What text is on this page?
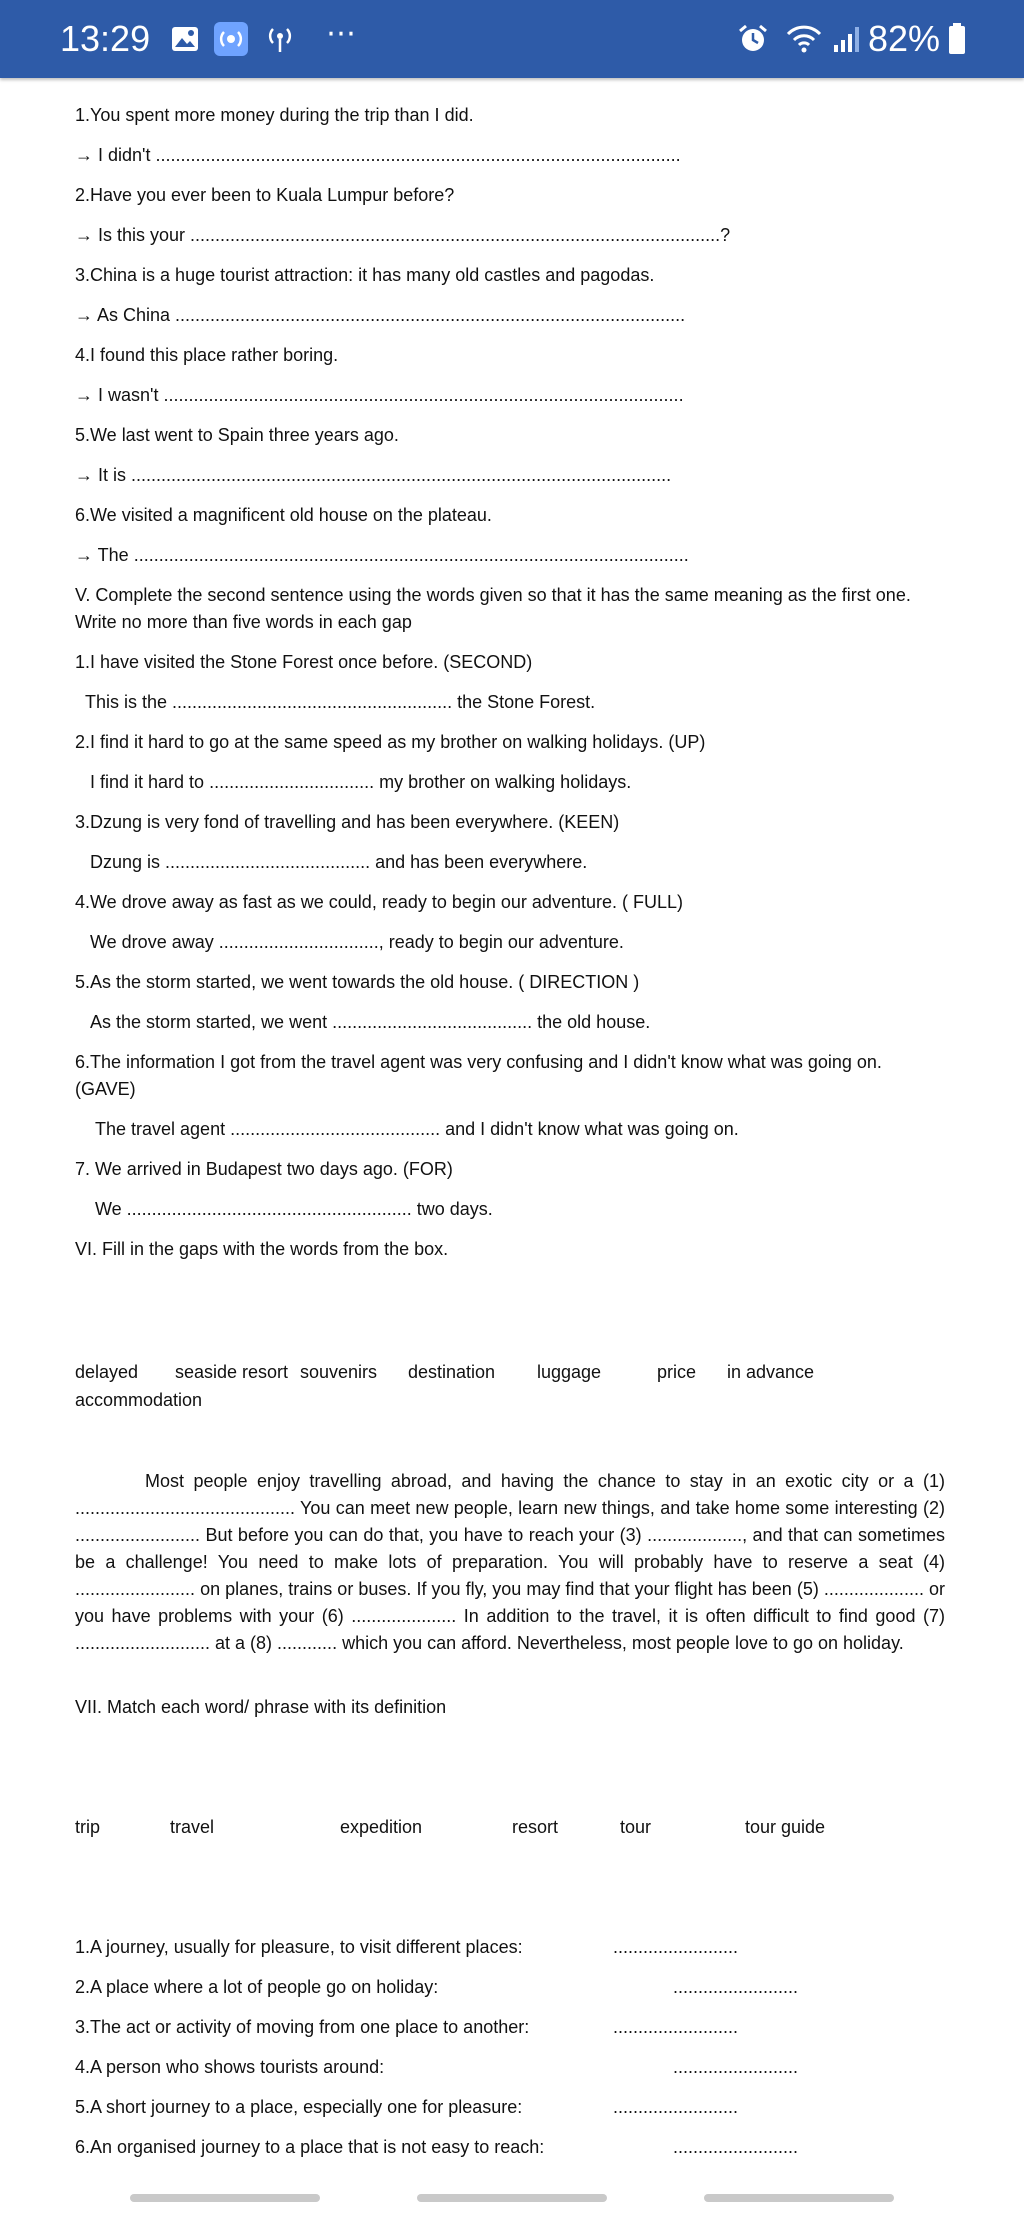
13:29	⋯	82%
1.You spent more money during the trip than I did.
→ I didn't .........................................................................................................
2.Have you ever been to Kuala Lumpur before?
→ Is this your ..........................................................................................................?
3.China is a huge tourist attraction: it has many old castles and pagodas.
→ As China ......................................................................................................
4.I found this place rather boring.
→ I wasn't ........................................................................................................
5.We last went to Spain three years ago.
→ It is ............................................................................................................
6.We visited a magnificent old house on the plateau.
→ The ...............................................................................................................
V. Complete the second sentence using the words given so that it has the same meaning as the first one.
Write no more than five words in each gap
1.I have visited the Stone Forest once before. (SECOND)
This is the ........................................................ the Stone Forest.
2.I find it hard to go at the same speed as my brother on walking holidays. (UP)
I find it hard to ................................. my brother on walking holidays.
3.Dzung is very fond of travelling and has been everywhere. (KEEN)
Dzung is ......................................... and has been everywhere.
4.We drove away as fast as we could, ready to begin our adventure. ( FULL)
We drove away ................................, ready to begin our adventure.
5.As the storm started, we went towards the old house. ( DIRECTION )
As the storm started, we went ........................................ the old house.
6.The information I got from the travel agent was very confusing and I didn't know what was going on.
(GAVE)
The travel agent .......................................... and I didn't know what was going on.
7. We arrived in Budapest two days ago. (FOR)
We ......................................................... two days.
VI. Fill in the gaps with the words from the box.
delayed seaside resort souvenirs destination luggage	price in advance
accommodation

Most people enjoy travelling abroad, and having the chance to stay in an exotic city or a (1) ............................................ You can meet new people, learn new things, and take home some interesting (2) ......................... But before you can do that, you have to reach your (3) ..................., and that can sometimes be a challenge! You need to make lots of preparation. You will probably have to reserve a seat (4) ........................ on planes, trains or buses. If you fly, you may find that your flight has been (5) .................... or you have problems with your (6) ..................... In addition to the travel, it is often difficult to find good (7) ........................... at a (8) ............ which you can afford. Nevertheless, most people love to go on holiday.

VII. Match each word/ phrase with its definition
trip	travel	expedition	resort	tour	tour guide
1.A journey, usually for pleasure, to visit different places:	.........................
2.A place where a lot of people go on holiday:	.........................
3.The act or activity of moving from one place to another:	.........................
4.A person who shows tourists around:	.........................
5.A short journey to a place, especially one for pleasure:	.........................
6.An organised journey to a place that is not easy to reach:	.........................
